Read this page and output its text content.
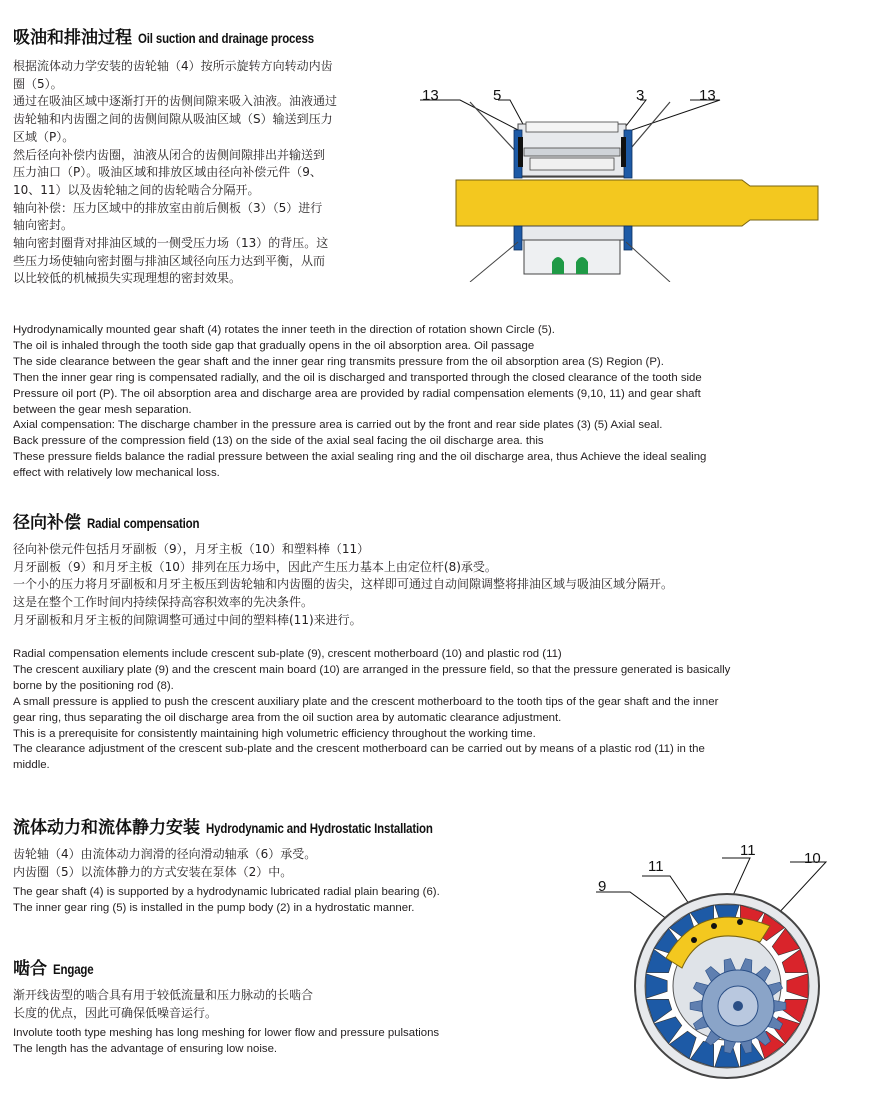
吸油和排油过程 Oil suction and drainage process
根据流体动力学安装的齿轮轴（4）按所示旋转方向转动内齿
圈（5）。
通过在吸油区域中逐渐打开的齿侧间隙来吸入油液。油液通过
齿轮轴和内齿圈之间的齿侧间隙从吸油区域（S）输送到压力
区域（P）。
然后径向补偿内齿圈，油液从闭合的齿侧间隙排出并输送到
压力油口（P）。吸油区域和排放区域由径向补偿元件（9、
10、11）以及齿轮轴之间的齿轮啮合分隔开。
轴向补偿：压力区域中的排放室由前后侧板（3）（5）进行
轴向密封。
轴向密封圈背对排油区域的一侧受压力场（13）的背压。这
些压力场使轴向密封圈与排油区域径向压力达到平衡，从而
以比较低的机械损失实现理想的密封效果。
13	5	3	13
Hydrodynamically mounted gear shaft (4) rotates the inner teeth in the direction of rotation shown Circle (5).
The oil is inhaled through the tooth side gap that gradually opens in the oil absorption area. Oil passage
The side clearance between the gear shaft and the inner gear ring transmits pressure from the oil absorption area (S) Region (P).
Then the inner gear ring is compensated radially, and the oil is discharged and transported through the closed clearance of the tooth side
Pressure oil port (P). The oil absorption area and discharge area are provided by radial compensation elements (9,10, 11) and gear shaft
between the gear mesh separation.
Axial compensation: The discharge chamber in the pressure area is carried out by the front and rear side plates (3) (5) Axial seal.
Back pressure of the compression field (13) on the side of the axial seal facing the oil discharge area. this
These pressure fields balance the radial pressure between the axial sealing ring and the oil discharge area, thus Achieve the ideal sealing
effect with relatively low mechanical loss.
径向补偿 Radial compensation
径向补偿元件包括月牙副板（9），月牙主板（10）和塑料棒（11）
月牙副板（9）和月牙主板（10）排列在压力场中，因此产生压力基本上由定位杆(8)承受。
一个小的压力将月牙副板和月牙主板压到齿轮轴和内齿圈的齿尖，这样即可通过自动间隙调整将排油区域与吸油区域分隔开。
这是在整个工作时间内持续保持高容积效率的先决条件。
月牙副板和月牙主板的间隙调整可通过中间的塑料棒(11)来进行。
Radial compensation elements include crescent sub-plate (9), crescent motherboard (10) and plastic rod (11)
The crescent auxiliary plate (9) and the crescent main board (10) are arranged in the pressure field, so that the pressure generated is basically
borne by the positioning rod (8).
A small pressure is applied to push the crescent auxiliary plate and the crescent motherboard to the tooth tips of the gear shaft and the inner
gear ring, thus separating the oil discharge area from the oil suction area by automatic clearance adjustment.
This is a prerequisite for consistently maintaining high volumetric efficiency throughout the working time.
The clearance adjustment of the crescent sub-plate and the crescent motherboard can be carried out by means of a plastic rod (11) in the
middle.
流体动力和流体静力安装 Hydrodynamic and Hydrostatic Installation
齿轮轴（4）由流体动力润滑的径向滑动轴承（6）承受。
内齿圈（5）以流体静力的方式安装在泵体（2）中。
The gear shaft (4) is supported by a hydrodynamic lubricated radial plain bearing (6).
The inner gear ring (5) is installed in the pump body (2) in a hydrostatic manner.
啮合 Engage
渐开线齿型的啮合具有用于较低流量和压力脉动的长啮合
长度的优点，因此可确保低噪音运行。
Involute tooth type meshing has long meshing for lower flow and pressure pulsations
The length has the advantage of ensuring low noise.
11	10
11
9
